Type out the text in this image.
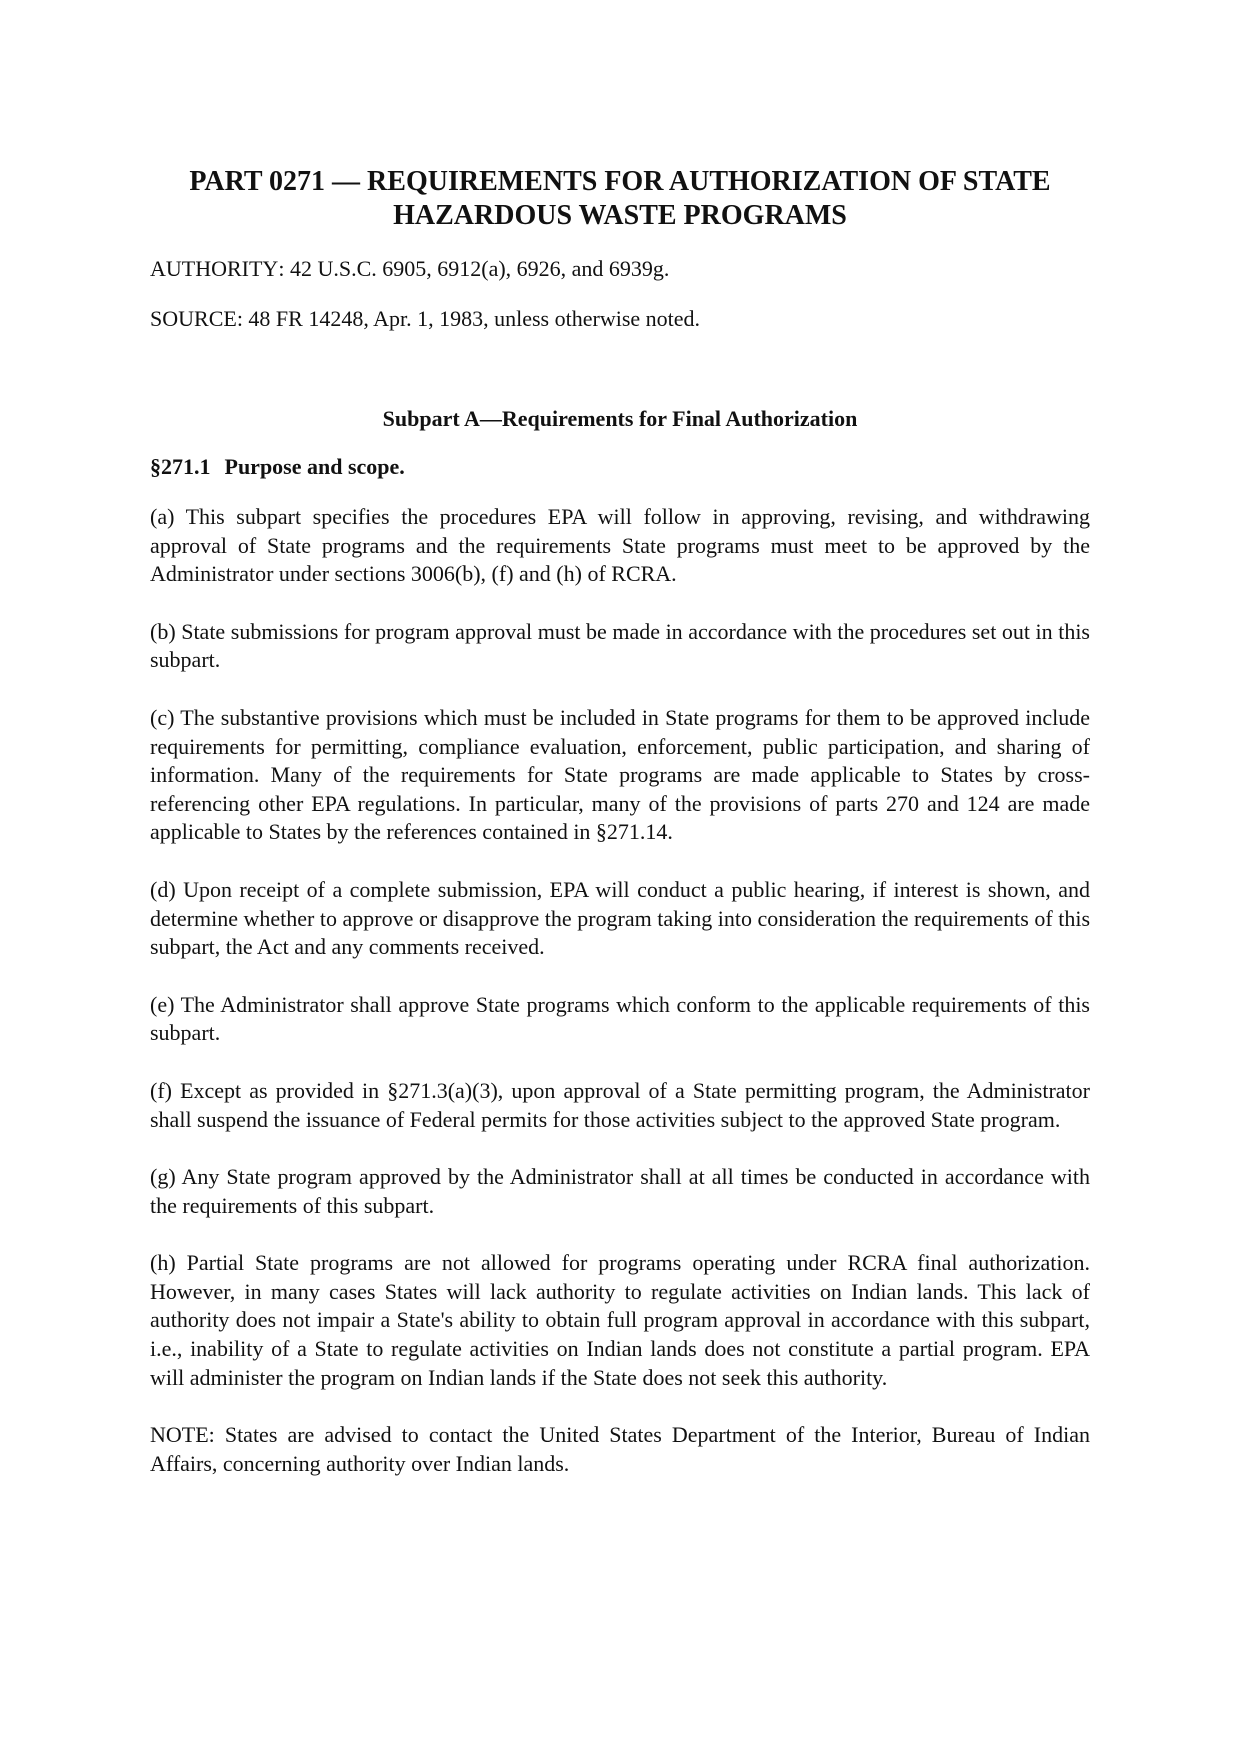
PART 0271 — REQUIREMENTS FOR AUTHORIZATION OF STATE HAZARDOUS WASTE PROGRAMS

AUTHORITY: 42 U.S.C. 6905, 6912(a), 6926, and 6939g.

SOURCE: 48 FR 14248, Apr. 1, 1983, unless otherwise noted.

Subpart A—Requirements for Final Authorization
§271.1 Purpose and scope.

(a) This subpart specifies the procedures EPA will follow in approving, revising, and withdrawing approval of State programs and the requirements State programs must meet to be approved by the Administrator under sections 3006(b), (f) and (h) of RCRA.

(b) State submissions for program approval must be made in accordance with the procedures set out in this subpart.

(c) The substantive provisions which must be included in State programs for them to be approved include requirements for permitting, compliance evaluation, enforcement, public participation, and sharing of information. Many of the requirements for State programs are made applicable to States by cross-referencing other EPA regulations. In particular, many of the provisions of parts 270 and 124 are made applicable to States by the references contained in §271.14.

(d) Upon receipt of a complete submission, EPA will conduct a public hearing, if interest is shown, and determine whether to approve or disapprove the program taking into consideration the requirements of this subpart, the Act and any comments received.

(e) The Administrator shall approve State programs which conform to the applicable requirements of this subpart.

(f) Except as provided in §271.3(a)(3), upon approval of a State permitting program, the Administrator shall suspend the issuance of Federal permits for those activities subject to the approved State program.

(g) Any State program approved by the Administrator shall at all times be conducted in accordance with the requirements of this subpart.

(h) Partial State programs are not allowed for programs operating under RCRA final authorization. However, in many cases States will lack authority to regulate activities on Indian lands. This lack of authority does not impair a State's ability to obtain full program approval in accordance with this subpart, i.e., inability of a State to regulate activities on Indian lands does not constitute a partial program. EPA will administer the program on Indian lands if the State does not seek this authority.

NOTE: States are advised to contact the United States Department of the Interior, Bureau of Indian Affairs, concerning authority over Indian lands.
